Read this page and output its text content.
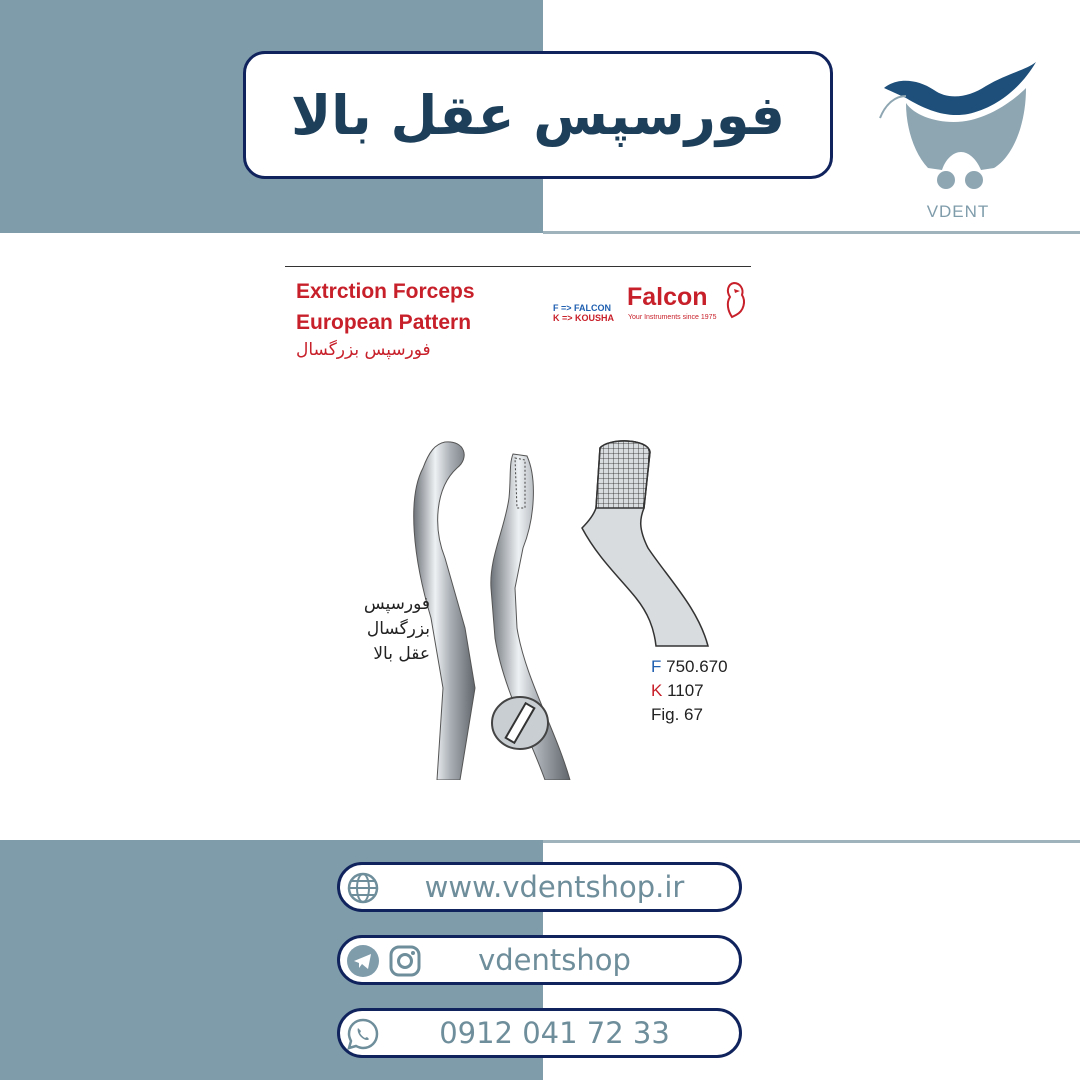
فورسپس عقل بالا
VDENT
Extrction Forceps
European Pattern
فورسپس بزرگسال
F => FALCON
K => KOUSHA
Falcon
Your Instruments since 1975
فورسپس
بزرگسال
عقل بالا
F 750.670
K 1107
Fig. 67
www.vdentshop.ir
vdentshop
0912 041 72 33
